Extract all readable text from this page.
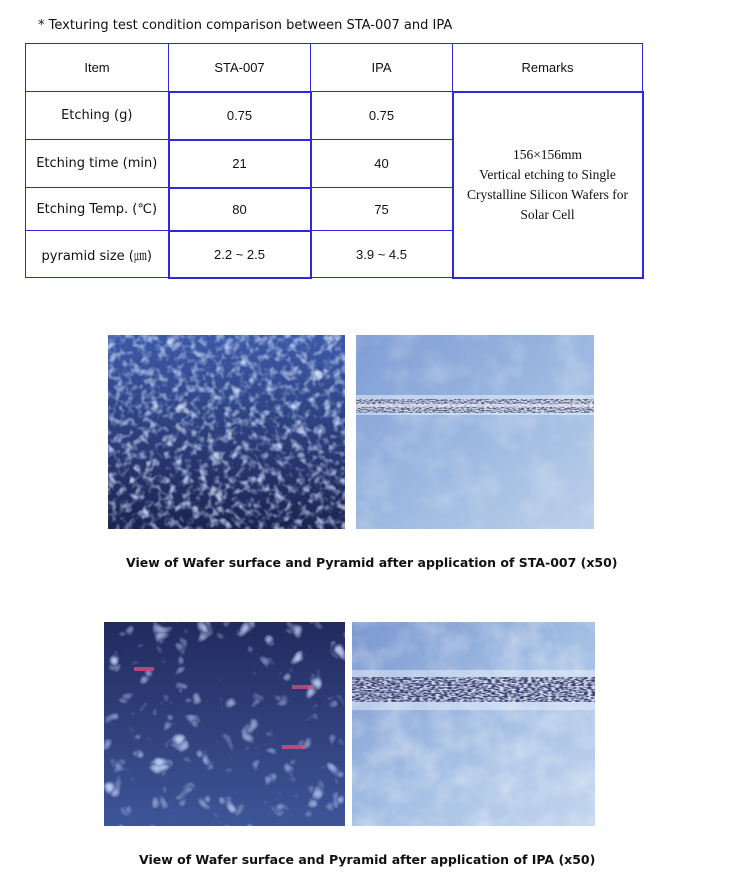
* Texturing test condition comparison between STA-007 and IPA
Item	STA-007	IPA	Remarks
Etching (g)	0.75	0.75	156×156mm
Vertical etching to Single
Crystalline Silicon Wafers for
Solar Cell

Etching time (min)	21	40	
Etching Temp. (℃)	80	75	
pyramid size (㎛)	2.2 ~ 2.5	3.9 ~ 4.5	
View of Wafer surface and Pyramid after application of STA-007 (x50)
View of Wafer surface and Pyramid after application of IPA (x50)
